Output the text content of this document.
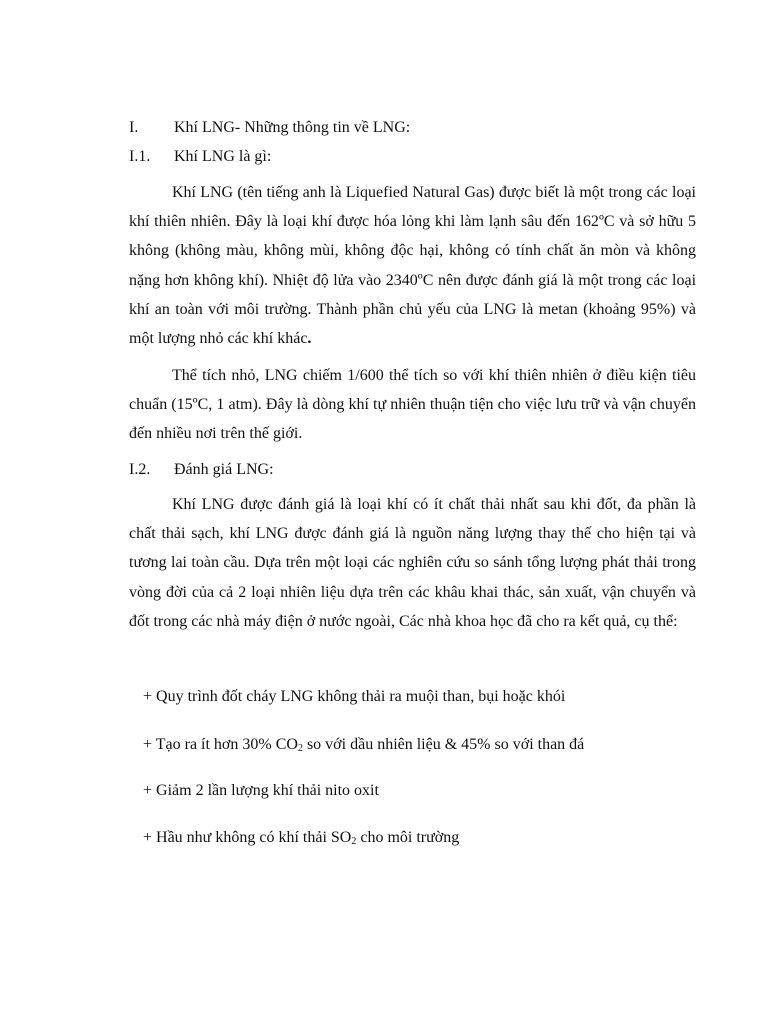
I. Khí LNG- Những thông tin về LNG:
I.1. Khí LNG là gì:

Khí LNG (tên tiếng anh là Liquefied Natural Gas) được biết là một trong các loại khí thiên nhiên. Đây là loại khí được hóa lỏng khi làm lạnh sâu đến 162ºC và sở hữu 5 không (không màu, không mùi, không độc hại, không có tính chất ăn mòn và không nặng hơn không khí). Nhiệt độ lửa vào 2340ºC nên được đánh giá là một trong các loại khí an toàn với môi trường. Thành phần chủ yếu của LNG là metan (khoảng 95%) và một lượng nhỏ các khí khác.

Thể tích nhỏ, LNG chiếm 1/600 thể tích so với khí thiên nhiên ở điều kiện tiêu chuẩn (15ºC, 1 atm). Đây là dòng khí tự nhiên thuận tiện cho việc lưu trữ và vận chuyển đến nhiều nơi trên thế giới.

I.2. Đánh giá LNG:

Khí LNG được đánh giá là loại khí có ít chất thải nhất sau khi đốt, đa phần là chất thải sạch, khí LNG được đánh giá là nguồn năng lượng thay thế cho hiện tại và tương lai toàn cầu. Dựa trên một loại các nghiên cứu so sánh tổng lượng phát thải trong vòng đời của cả 2 loại nhiên liệu dựa trên các khâu khai thác, sản xuất, vận chuyển và đốt trong các nhà máy điện ở nước ngoài, Các nhà khoa học đã cho ra kết quả, cụ thể:

+ Quy trình đốt cháy LNG không thải ra muội than, bụi hoặc khói
+ Tạo ra ít hơn 30% $CO_2$ so với dầu nhiên liệu & 45% so với than đá
+ Giảm 2 lần lượng khí thải nito oxit
+ Hầu như không có khí thải $SO_2$ cho môi trường
